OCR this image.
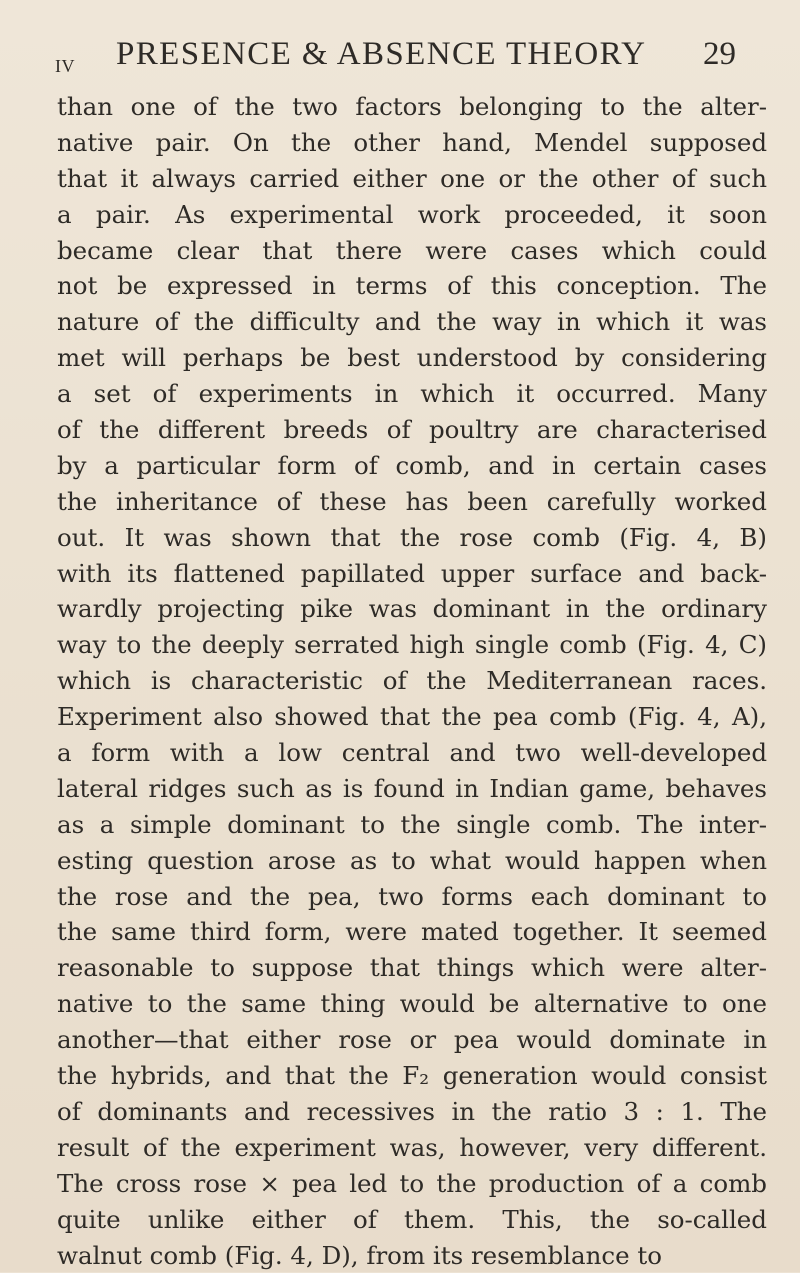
IV PRESENCE & ABSENCE THEORY 29
than one of the two factors belonging to the alter-
native pair. On the other hand, Mendel supposed
that it always carried either one or the other of such
a pair. As experimental work proceeded, it soon
became clear that there were cases which could
not be expressed in terms of this conception. The
nature of the difficulty and the way in which it was
met will perhaps be best understood by considering
a set of experiments in which it occurred. Many
of the different breeds of poultry are characterised
by a particular form of comb, and in certain cases
the inheritance of these has been carefully worked
out. It was shown that the rose comb (Fig. 4, B)
with its flattened papillated upper surface and back-
wardly projecting pike was dominant in the ordinary
way to the deeply serrated high single comb (Fig. 4, C)
which is characteristic of the Mediterranean races.
Experiment also showed that the pea comb (Fig. 4, A),
a form with a low central and two well-developed
lateral ridges such as is found in Indian game, behaves
as a simple dominant to the single comb. The inter-
esting question arose as to what would happen when
the rose and the pea, two forms each dominant to
the same third form, were mated together. It seemed
reasonable to suppose that things which were alter-
native to the same thing would be alternative to one
another—that either rose or pea would dominate in
the hybrids, and that the F₂ generation would consist
of dominants and recessives in the ratio 3 : 1. The
result of the experiment was, however, very different.
The cross rose × pea led to the production of a comb
quite unlike either of them. This, the so-called
walnut comb (Fig. 4, D), from its resemblance to
